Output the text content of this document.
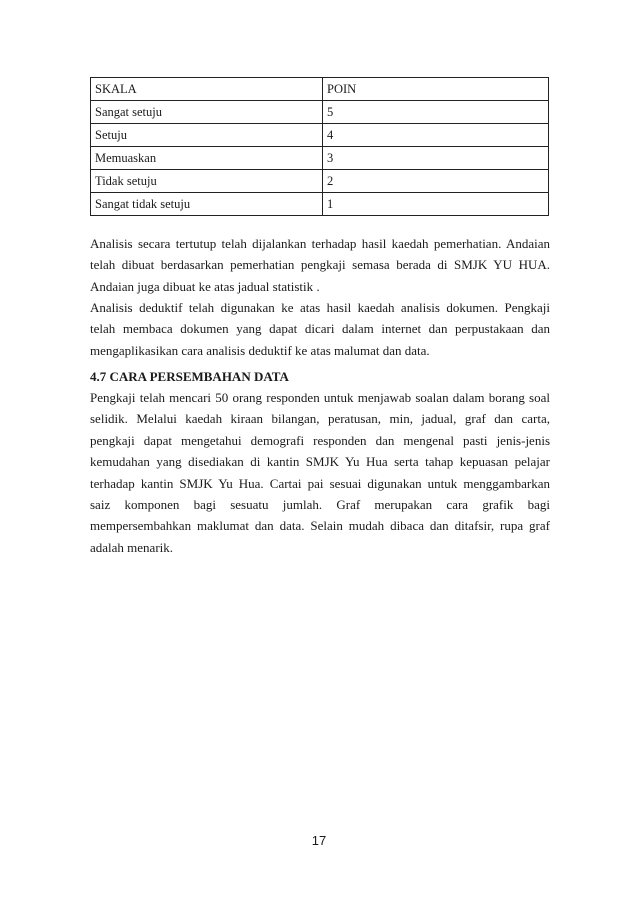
SKALA	POIN
Sangat setuju	5
Setuju	4
Memuaskan	3
Tidak setuju	2
Sangat tidak setuju	1
Analisis secara tertutup telah dijalankan terhadap hasil kaedah pemerhatian. Andaian
telah dibuat berdasarkan pemerhatian pengkaji semasa berada di SMJK YU HUA.
Andaian juga dibuat ke atas jadual statistik .
Analisis deduktif telah digunakan ke atas hasil kaedah analisis dokumen. Pengkaji
telah membaca dokumen yang dapat dicari dalam internet dan perpustakaan dan
mengaplikasikan cara analisis deduktif ke atas malumat dan data.
4.7 CARA PERSEMBAHAN DATA
Pengkaji telah mencari 50 orang responden untuk menjawab soalan dalam borang soal
selidik. Melalui kaedah kiraan bilangan, peratusan, min, jadual, graf dan carta,
pengkaji dapat mengetahui demografi responden dan mengenal pasti jenis-jenis
kemudahan yang disediakan di kantin SMJK Yu Hua serta tahap kepuasan pelajar
terhadap kantin SMJK Yu Hua. Cartai pai sesuai digunakan untuk menggambarkan
saiz komponen bagi sesuatu jumlah. Graf merupakan cara grafik bagi
mempersembahkan maklumat dan data. Selain mudah dibaca dan ditafsir, rupa graf
adalah menarik.
17
